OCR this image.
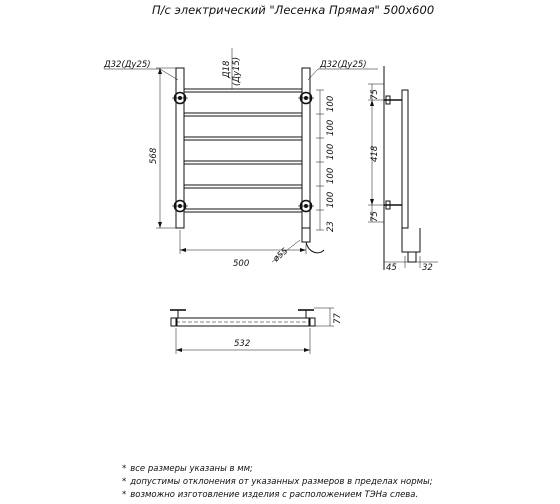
П/с электрический "Лесенка Прямая" 500х600
Д32(Ду25)	Д32(Ду25)
Д18 (Ду15)
568
500	ø55
100
100
100
100
100
23
75
418
75
45	32
77
532
* все размеры указаны в мм;
* допустимы отклонения от указанных размеров в пределах нормы;
* возможно изготовление изделия с расположением ТЭНа слева.
